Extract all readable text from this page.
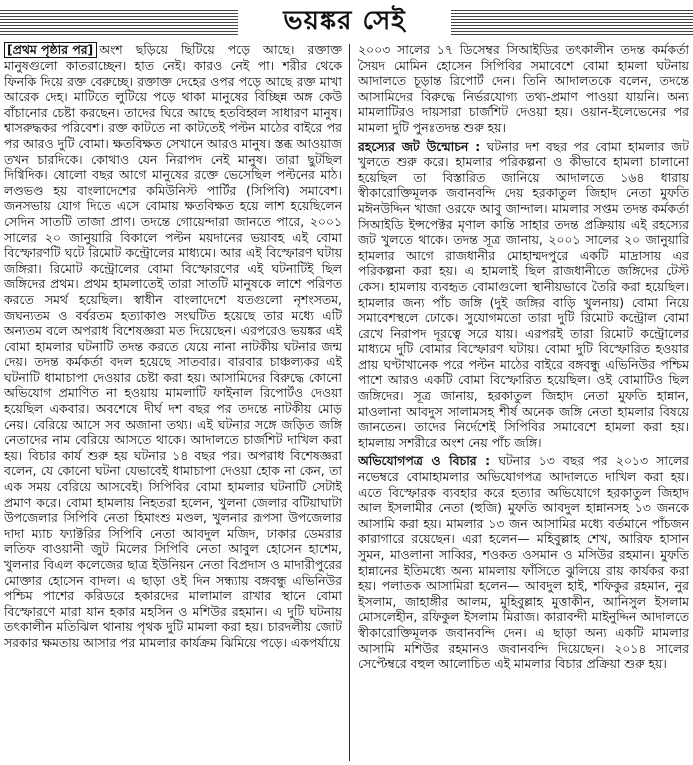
ভয়ঙ্কর সেই

[প্রথম পৃষ্ঠার পর] অংশ ছড়িয়ে ছিটিয়ে পড়ে আছে। রক্তাক্ত মানুষগুলো কাতরাচ্ছেন। হাত নেই। কারও নেই পা। শরীর থেকে ফিনকি দিয়ে রক্ত বেরুচ্ছে। রক্তাক্ত দেহের ওপর পড়ে আছে রক্ত মাখা আরেক দেহ। মাটিতে লুটিয়ে পড়ে থাকা মানুষের বিচ্ছিন্ন অঙ্গ কেউ বাঁচানোর চেষ্টা করছেন। তাদের ঘিরে আছে হতবিহ্বল সাধারণ মানুষ। শ্বাসরুদ্ধকর পরিবেশ। রক্ত কাটতে না কাটতেই পল্টন মাঠের বাইরে পর পর আরও দুটি বোমা। ক্ষতবিক্ষত সেখানে আরও মানুষ। স্তব্ধ আওয়াজ তখন চারদিকে। কোথাও যেন নিরাপদ নেই মানুষ। তারা ছুটছিল দিগ্বিদিক। ষোলো বছর আগে মানুষের রক্তে ভেসেছিল পল্টনের মাঠ। লণ্ডভণ্ড হয় বাংলাদেশের কমিউনিস্ট পার্টির (সিপিবি) সমাবেশ। জনসভায় যোগ দিতে এসে বোমায় ক্ষতবিক্ষত হয়ে লাশ হয়েছিলেন সেদিন সাতটি তাজা প্রাণ। তদন্তে গোয়েন্দারা জানতে পারে, ২০০১ সালের ২০ জানুয়ারি বিকালে পল্টন ময়দানের ভয়াবহ এই বোমা বিস্ফোরণটি ঘটে রিমোট কন্ট্রোলের মাধ্যমে। আর এই বিস্ফোরণ ঘটায় জঙ্গিরা। রিমোট কন্ট্রোলের বোমা বিস্ফোরণের এই ঘটনাটিই ছিল জঙ্গিদের প্রথম। প্রথম হামলাতেই তারা সাতটি মানুষকে লাশে পরিণত করতে সমর্থ হয়েছিল। স্বাধীন বাংলাদেশে যতগুলো নৃশংসতম, জঘন্যতম ও বর্বরতম হত্যাকাণ্ড সংঘটিত হয়েছে তার মধ্যে এটি অন্যতম বলে অপরাধ বিশেষজ্ঞরা মত দিয়েছেন। এরপরেও ভয়ঙ্কর এই বোমা হামলার ঘটনাটি তদন্ত করতে যেয়ে নানা নাটকীয় ঘটনার জন্ম দেয়। তদন্ত কর্মকর্তা বদল হয়েছে সাতবার। বারবার চাঞ্চল্যকর এই ঘটনাটি ধামাচাপা দেওয়ার চেষ্টা করা হয়। আসামিদের বিরুদ্ধে কোনো অভিযোগ প্রমাণিত না হওয়ায় মামলাটি ফাইনাল রিপোর্টও দেওয়া হয়েছিল একবার। অবশেষে দীর্ঘ দশ বছর পর তদন্তে নাটকীয় মোড় নেয়। বেরিয়ে আসে সব অজানা তথ্য। এই ঘটনার সঙ্গে জড়িত জঙ্গি নেতাদের নাম বেরিয়ে আসতে থাকে। আদালতে চার্জশিট দাখিল করা হয়। বিচার কার্য শুরু হয় ঘটনার ১৪ বছর পর। অপরাধ বিশেষজ্ঞরা বলেন, যে কোনো ঘটনা যেভাবেই ধামাচাপা দেওয়া হোক না কেন, তা এক সময় বেরিয়ে আসবেই। সিপিবির বোমা হামলার ঘটনাটি সেটাই প্রমাণ করে। বোমা হামলায় নিহতরা হলেন, খুলনা জেলার বটিয়াঘাটা উপজেলার সিপিবি নেতা হিমাংশু মণ্ডল, খুলনার রূপসা উপজেলার দাদা ম্যাচ ফ্যাক্টরির সিপিবি নেতা আবদুল মজিদ, ঢাকার ডেমরার লতিফ বাওয়ানী জুট মিলের সিপিবি নেতা আবুল হোসেন হাশেম, খুলনার বিএল কলেজের ছাত্র ইউনিয়ন নেতা বিপ্রদাস ও মাদারীপুরের মোক্তার হোসেন বাদল। এ ছাড়া ওই দিন সন্ধ্যায় বঙ্গবন্ধু এভিনিউর পশ্চিম পাশের করিডরে হকারদের মালামাল রাখার স্থানে বোমা বিস্ফোরণে মারা যান হকার মহসিন ও মশিউর রহমান। এ দুটি ঘটনায় তৎকালীন মতিঝিল থানায় পৃথক দুটি মামলা করা হয়। চারদলীয় জোট সরকার ক্ষমতায় আসার পর মামলার কার্যক্রম ঝিমিয়ে পড়ে। একপর্যায়ে

২০০৩ সালের ১৭ ডিসেম্বর সিআইডির তৎকালীন তদন্ত কর্মকর্তা সৈয়দ মোমিন হোসেন সিপিবির সমাবেশে বোমা হামলা ঘটনায় আদালতে চূড়ান্ত রিপোর্ট দেন। তিনি আদালতকে বলেন, তদন্তে আসামিদের বিরুদ্ধে নির্ভরযোগ্য তথ্য-প্রমাণ পাওয়া যায়নি। অন্য মামলাটিরও দায়সারা চার্জশিট দেওয়া হয়। ওয়ান-ইলেভেনের পর মামলা দুটি পুনঃতদন্ত শুরু হয়।

রহস্যের জট উন্মোচন : ঘটনার দশ বছর পর বোমা হামলার জট খুলতে শুরু করে। হামলার পরিকল্পনা ও কীভাবে হামলা চালানো হয়েছিল তা বিস্তারিত জানিয়ে আদালতে ১৬৪ ধারায় স্বীকারোক্তিমূলক জবানবন্দি দেয় হরকাতুল জিহাদ নেতা মুফতি মঈনউদ্দিন খাজা ওরফে আবু জান্দাল। মামলার সপ্তম তদন্ত কর্মকর্তা সিআইডি ইন্সপেক্টর মৃণাল কান্তি সাহার তদন্ত প্রক্রিয়ায় এই রহস্যের জট খুলতে থাকে। তদন্ত সূত্র জানায়, ২০০১ সালের ২০ জানুয়ারি হামলার আগে রাজধানীর মোহাম্মদপুরে একটি মাদ্রাসায় এর পরিকল্পনা করা হয়। এ হামলাই ছিল রাজধানীতে জঙ্গিদের টেস্ট কেস। হামলায় ব্যবহৃত বোমাগুলো স্থানীয়ভাবে তৈরি করা হয়েছিল। হামলার জন্য পাঁচ জঙ্গি (দুই জঙ্গির বাড়ি খুলনায়) বোমা নিয়ে সমাবেশস্থলে ঢোকে। সুযোগমতো তারা দুটি রিমোট কন্ট্রোল বোমা রেখে নিরাপদ দূরত্বে সরে যায়। এরপরই তারা রিমোট কন্ট্রোলের মাধ্যমে দুটি বোমার বিস্ফোরণ ঘটায়। বোমা দুটি বিস্ফোরিত হওয়ার প্রায় ঘণ্টাখানেক পরে পল্টন মাঠের বাইরে বঙ্গবন্ধু এভিনিউর পশ্চিম পাশে আরও একটি বোমা বিস্ফোরিত হয়েছিল। ওই বোমাটিও ছিল জঙ্গিদের। সূত্র জানায়, হরকাতুল জিহাদ নেতা মুফতি হান্নান, মাওলানা আবদুস সালামসহ শীর্ষ অনেক জঙ্গি নেতা হামলার বিষয়ে জানতেন। তাদের নির্দেশেই সিপিবির সমাবেশে হামলা করা হয়। হামলায় সশরীরে অংশ নেয় পাঁচ জঙ্গি।

অভিযোগপত্র ও বিচার : ঘটনার ১৩ বছর পর ২০১৩ সালের নভেম্বরে বোমাহামলার অভিযোগপত্র আদালতে দাখিল করা হয়। এতে বিস্ফোরক ব্যবহার করে হত্যার অভিযোগে হরকাতুল জিহাদ আল ইসলামীর নেতা (হুজি) মুফতি আবদুল হান্নানসহ ১৩ জনকে আসামি করা হয়। মামলার ১৩ জন আসামির মধ্যে বর্তমানে পাঁচজন কারাগারে রয়েছেন। এরা হলেন— মহিবুল্লাহ শেখ, আরিফ হাসান সুমন, মাওলানা সাব্বির, শওকত ওসমান ও মসিউর রহমান। মুফতি হান্নানের ইতিমধ্যে অন্য মামলায় ফাঁসিতে ঝুলিয়ে রায় কার্যকর করা হয়। পলাতক আসামিরা হলেন— আবদুল হাই, শফিকুর রহমান, নুর ইসলাম, জাহাঙ্গীর আলম, মুহিবুল্লাহ মুত্তাকীন, আনিসুল ইসলাম মোসলেহীন, রফিকুল ইসলাম মিরাজ। কারাবন্দী মাইনুদ্দিন আদালতে স্বীকারোক্তিমূলক জবানবন্দি দেন। এ ছাড়া অন্য একটি মামলার আসামি মশিউর রহমানও জবানবন্দি দিয়েছেন। ২০১৪ সালের সেপ্টেম্বরে বহুল আলোচিত এই মামলার বিচার প্রক্রিয়া শুরু হয়।
